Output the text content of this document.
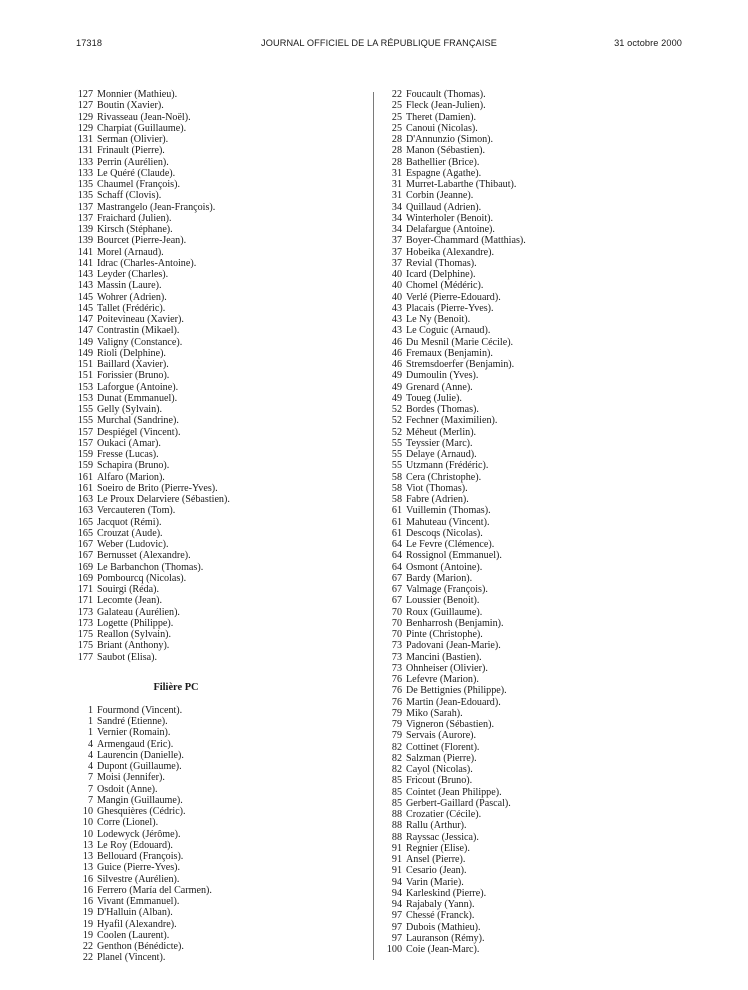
17318	JOURNAL OFFICIEL DE LA RÉPUBLIQUE FRANÇAISE	31 octobre 2000
127 Monnier (Mathieu).
127 Boutin (Xavier).
129 Rivasseau (Jean-Noël).
129 Charpiat (Guillaume).
131 Serman (Olivier).
131 Frinault (Pierre).
133 Perrin (Aurélien).
133 Le Quéré (Claude).
135 Chaumel (François).
135 Schaff (Clovis).
137 Mastrangelo (Jean-François).
137 Fraichard (Julien).
139 Kirsch (Stéphane).
139 Bourcet (Pierre-Jean).
141 Morel (Arnaud).
141 Idrac (Charles-Antoine).
143 Leyder (Charles).
143 Massin (Laure).
145 Wohrer (Adrien).
145 Tallet (Frédéric).
147 Poitevineau (Xavier).
147 Contrastin (Mikael).
149 Valigny (Constance).
149 Rioli (Delphine).
151 Baillard (Xavier).
151 Forissier (Bruno).
153 Laforgue (Antoine).
153 Dunat (Emmanuel).
155 Gelly (Sylvain).
155 Murchal (Sandrine).
157 Despiégel (Vincent).
157 Oukaci (Amar).
159 Fresse (Lucas).
159 Schapira (Bruno).
161 Alfaro (Marion).
161 Soeiro de Brito (Pierre-Yves).
163 Le Proux Delarviere (Sébastien).
163 Vercauteren (Tom).
165 Jacquot (Rémi).
165 Crouzat (Aude).
167 Weber (Ludovic).
167 Bernusset (Alexandre).
169 Le Barbanchon (Thomas).
169 Pombourcq (Nicolas).
171 Souirgi (Réda).
171 Lecomte (Jean).
173 Galateau (Aurélien).
173 Logette (Philippe).
175 Reallon (Sylvain).
175 Briant (Anthony).
177 Saubot (Elisa).
Filière PC
1 Fourmond (Vincent).
1 Sandré (Etienne).
1 Vernier (Romain).
4 Armengaud (Eric).
4 Laurencin (Danielle).
4 Dupont (Guillaume).
7 Moisi (Jennifer).
7 Osdoit (Anne).
7 Mangin (Guillaume).
10 Ghesquières (Cédric).
10 Corre (Lionel).
10 Lodewyck (Jérôme).
13 Le Roy (Edouard).
13 Bellouard (François).
13 Guice (Pierre-Yves).
16 Silvestre (Aurélien).
16 Ferrero (María del Carmen).
16 Vivant (Emmanuel).
19 D'Halluin (Alban).
19 Hyafil (Alexandre).
19 Coolen (Laurent).
22 Genthon (Bénédicte).
22 Planel (Vincent).
22 Foucault (Thomas).
25 Fleck (Jean-Julien).
25 Theret (Damien).
25 Canoui (Nicolas).
28 D'Annunzio (Simon).
28 Manon (Sébastien).
28 Bathellier (Brice).
31 Espagne (Agathe).
31 Murret-Labarthe (Thibaut).
31 Corbin (Jeanne).
34 Quillaud (Adrien).
34 Winterholer (Benoit).
34 Delafargue (Antoine).
37 Boyer-Chammard (Matthias).
37 Hobeika (Alexandre).
37 Revial (Thomas).
40 Icard (Delphine).
40 Chomel (Médéric).
40 Verlé (Pierre-Edouard).
43 Placais (Pierre-Yves).
43 Le Ny (Benoit).
43 Le Coguic (Arnaud).
46 Du Mesnil (Marie Cécile).
46 Fremaux (Benjamin).
46 Stremsdoerfer (Benjamin).
49 Dumoulin (Yves).
49 Grenard (Anne).
49 Toueg (Julie).
52 Bordes (Thomas).
52 Fechner (Maximilien).
52 Méheut (Merlin).
55 Teyssier (Marc).
55 Delaye (Arnaud).
55 Utzmann (Frédéric).
58 Cera (Christophe).
58 Viot (Thomas).
58 Fabre (Adrien).
61 Vuillemin (Thomas).
61 Mahuteau (Vincent).
61 Descoqs (Nicolas).
64 Le Fevre (Clémence).
64 Rossignol (Emmanuel).
64 Osmont (Antoine).
67 Bardy (Marion).
67 Valmage (François).
67 Loussier (Benoit).
70 Roux (Guillaume).
70 Benharrosh (Benjamin).
70 Pinte (Christophe).
73 Padovani (Jean-Marie).
73 Mancini (Bastien).
73 Ohnheiser (Olivier).
76 Lefevre (Marion).
76 De Bettignies (Philippe).
76 Martin (Jean-Edouard).
79 Miko (Sarah).
79 Vigneron (Sébastien).
79 Servais (Aurore).
82 Cottinet (Florent).
82 Salzman (Pierre).
82 Cayol (Nicolas).
85 Fricout (Bruno).
85 Cointet (Jean Philippe).
85 Gerbert-Gaillard (Pascal).
88 Crozatier (Cécile).
88 Rallu (Arthur).
88 Rayssac (Jessica).
91 Regnier (Elise).
91 Ansel (Pierre).
91 Cesario (Jean).
94 Varin (Marie).
94 Karleskind (Pierre).
94 Rajabaly (Yann).
97 Chessé (Franck).
97 Dubois (Mathieu).
97 Lauranson (Rémy).
100 Coie (Jean-Marc).
